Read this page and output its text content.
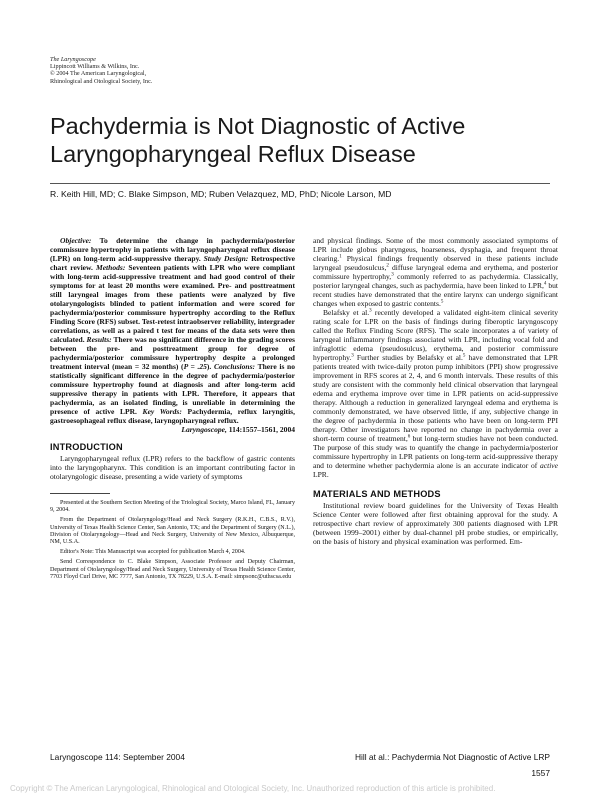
The Laryngoscope
Lippincott Williams & Wilkins, Inc.
© 2004 The American Laryngological,
Rhinological and Otological Society, Inc.
Pachydermia is Not Diagnostic of Active
Laryngopharyngeal Reflux Disease
R. Keith Hill, MD; C. Blake Simpson, MD; Ruben Velazquez, MD, PhD; Nicole Larson, MD

Objective: To determine the change in pachydermia/posterior commissure hypertrophy in patients with laryngopharyngeal reflux disease (LPR) on long-term acid-suppressive therapy. Study Design: Retrospective chart review. Methods: Seventeen patients with LPR who were compliant with long-term acid-suppressive treatment and had good control of their symptoms for at least 20 months were examined. Pre- and posttreatment still laryngeal images from these patients were analyzed by five otolaryngologists blinded to patient information and were scored for pachydermia/posterior commissure hypertrophy according to the Reflux Finding Score (RFS) subset. Test-retest intraobserver reliability, intergrader correlations, as well as a paired t test for means of the data sets were then calculated. Results: There was no significant difference in the grading scores between the pre- and posttreatment group for degree of pachydermia/posterior commissure hypertrophy despite a prolonged treatment interval (mean = 32 months) (P = .25). Conclusions: There is no statistically significant difference in the degree of pachydermia/posterior commissure hypertrophy found at diagnosis and after long-term acid suppressive therapy in patients with LPR. Therefore, it appears that pachydermia, as an isolated finding, is unreliable in determining the presence of active LPR. Key Words: Pachydermia, reflux laryngitis, gastroesophageal reflux disease, laryngopharyngeal reflux.

Laryngoscope, 114:1557–1561, 2004

INTRODUCTION

Laryngopharyngeal reflux (LPR) refers to the backflow of gastric contents into the laryngopharynx. This condition is an important contributing factor in otolaryngologic disease, presenting a wide variety of symptoms

Presented at the Southern Section Meeting of the Triological Society, Marco Island, FL, January 9, 2004.

From the Department of Otolaryngology/Head and Neck Surgery (R.K.H., C.B.S., R.V.), University of Texas Health Science Center, San Antonio, TX; and the Department of Surgery (N.L.), Division of Otolaryngology—Head and Neck Surgery, University of New Mexico, Albuquerque, NM, U.S.A.

Editor's Note: This Manuscript was accepted for publication March 4, 2004.

Send Correspondence to C. Blake Simpson, Associate Professor and Deputy Chairman, Department of Otolaryngology/Head and Neck Surgery, University of Texas Health Science Center, 7703 Floyd Curl Drive, MC 7777, San Antonio, TX 78229, U.S.A. E-mail: simpsonc@uthscsa.edu

and physical findings. Some of the most commonly associated symptoms of LPR include globus pharyngeus, hoarseness, dysphagia, and frequent throat clearing.$^1$ Physical findings frequently observed in these patients include laryngeal pseudosulcus,$^2$ diffuse laryngeal edema and erythema, and posterior commissure hypertrophy,$^3$ commonly referred to as pachydermia. Classically, posterior laryngeal changes, such as pachydermia, have been linked to LPR,$^4$ but recent studies have demonstrated that the entire larynx can undergo significant changes when exposed to gastric contents.$^5$

Belafsky et al.$^3$ recently developed a validated eight-item clinical severity rating scale for LPR on the basis of findings during fiberoptic laryngoscopy called the Reflux Finding Score (RFS). The scale incorporates a of variety of laryngeal inflammatory findings associated with LPR, including vocal fold and infraglottic edema (pseudosulcus), erythema, and posterior commissure hypertrophy.$^3$ Further studies by Belafsky et al.$^5$ have demonstrated that LPR patients treated with twice-daily proton pump inhibitors (PPI) show progressive improvement in RFS scores at 2, 4, and 6 month intervals. These results of this study are consistent with the commonly held clinical observation that laryngeal edema and erythema improve over time in LPR patients on acid-suppressive therapy. Although a reduction in generalized laryngeal edema and erythema is commonly demonstrated, we have observed little, if any, subjective change in the degree of pachydermia in those patients who have been on long-term PPI therapy. Other investigators have reported no change in pachydermia over a short-term course of treatment,$^6$ but long-term studies have not been conducted. The purpose of this study was to quantify the change in pachydermia/posterior commissure hypertrophy in LPR patients on long-term acid-suppressive therapy and to determine whether pachydermia alone is an accurate indicator of active LPR.

MATERIALS AND METHODS

Institutional review board guidelines for the University of Texas Health Science Center were followed after first obtaining approval for the study. A retrospective chart review of approximately 300 patients diagnosed with LPR (between 1999–2001) either by dual-channel pH probe studies, or empirically, on the basis of history and physical examination was performed. Em-

Laryngoscope 114: September 2004	Hill at al.: Pachydermia Not Diagnostic of Active LRP
1557
Copyright © The American Laryngological, Rhinological and Otological Society, Inc. Unauthorized reproduction of this article is prohibited.
